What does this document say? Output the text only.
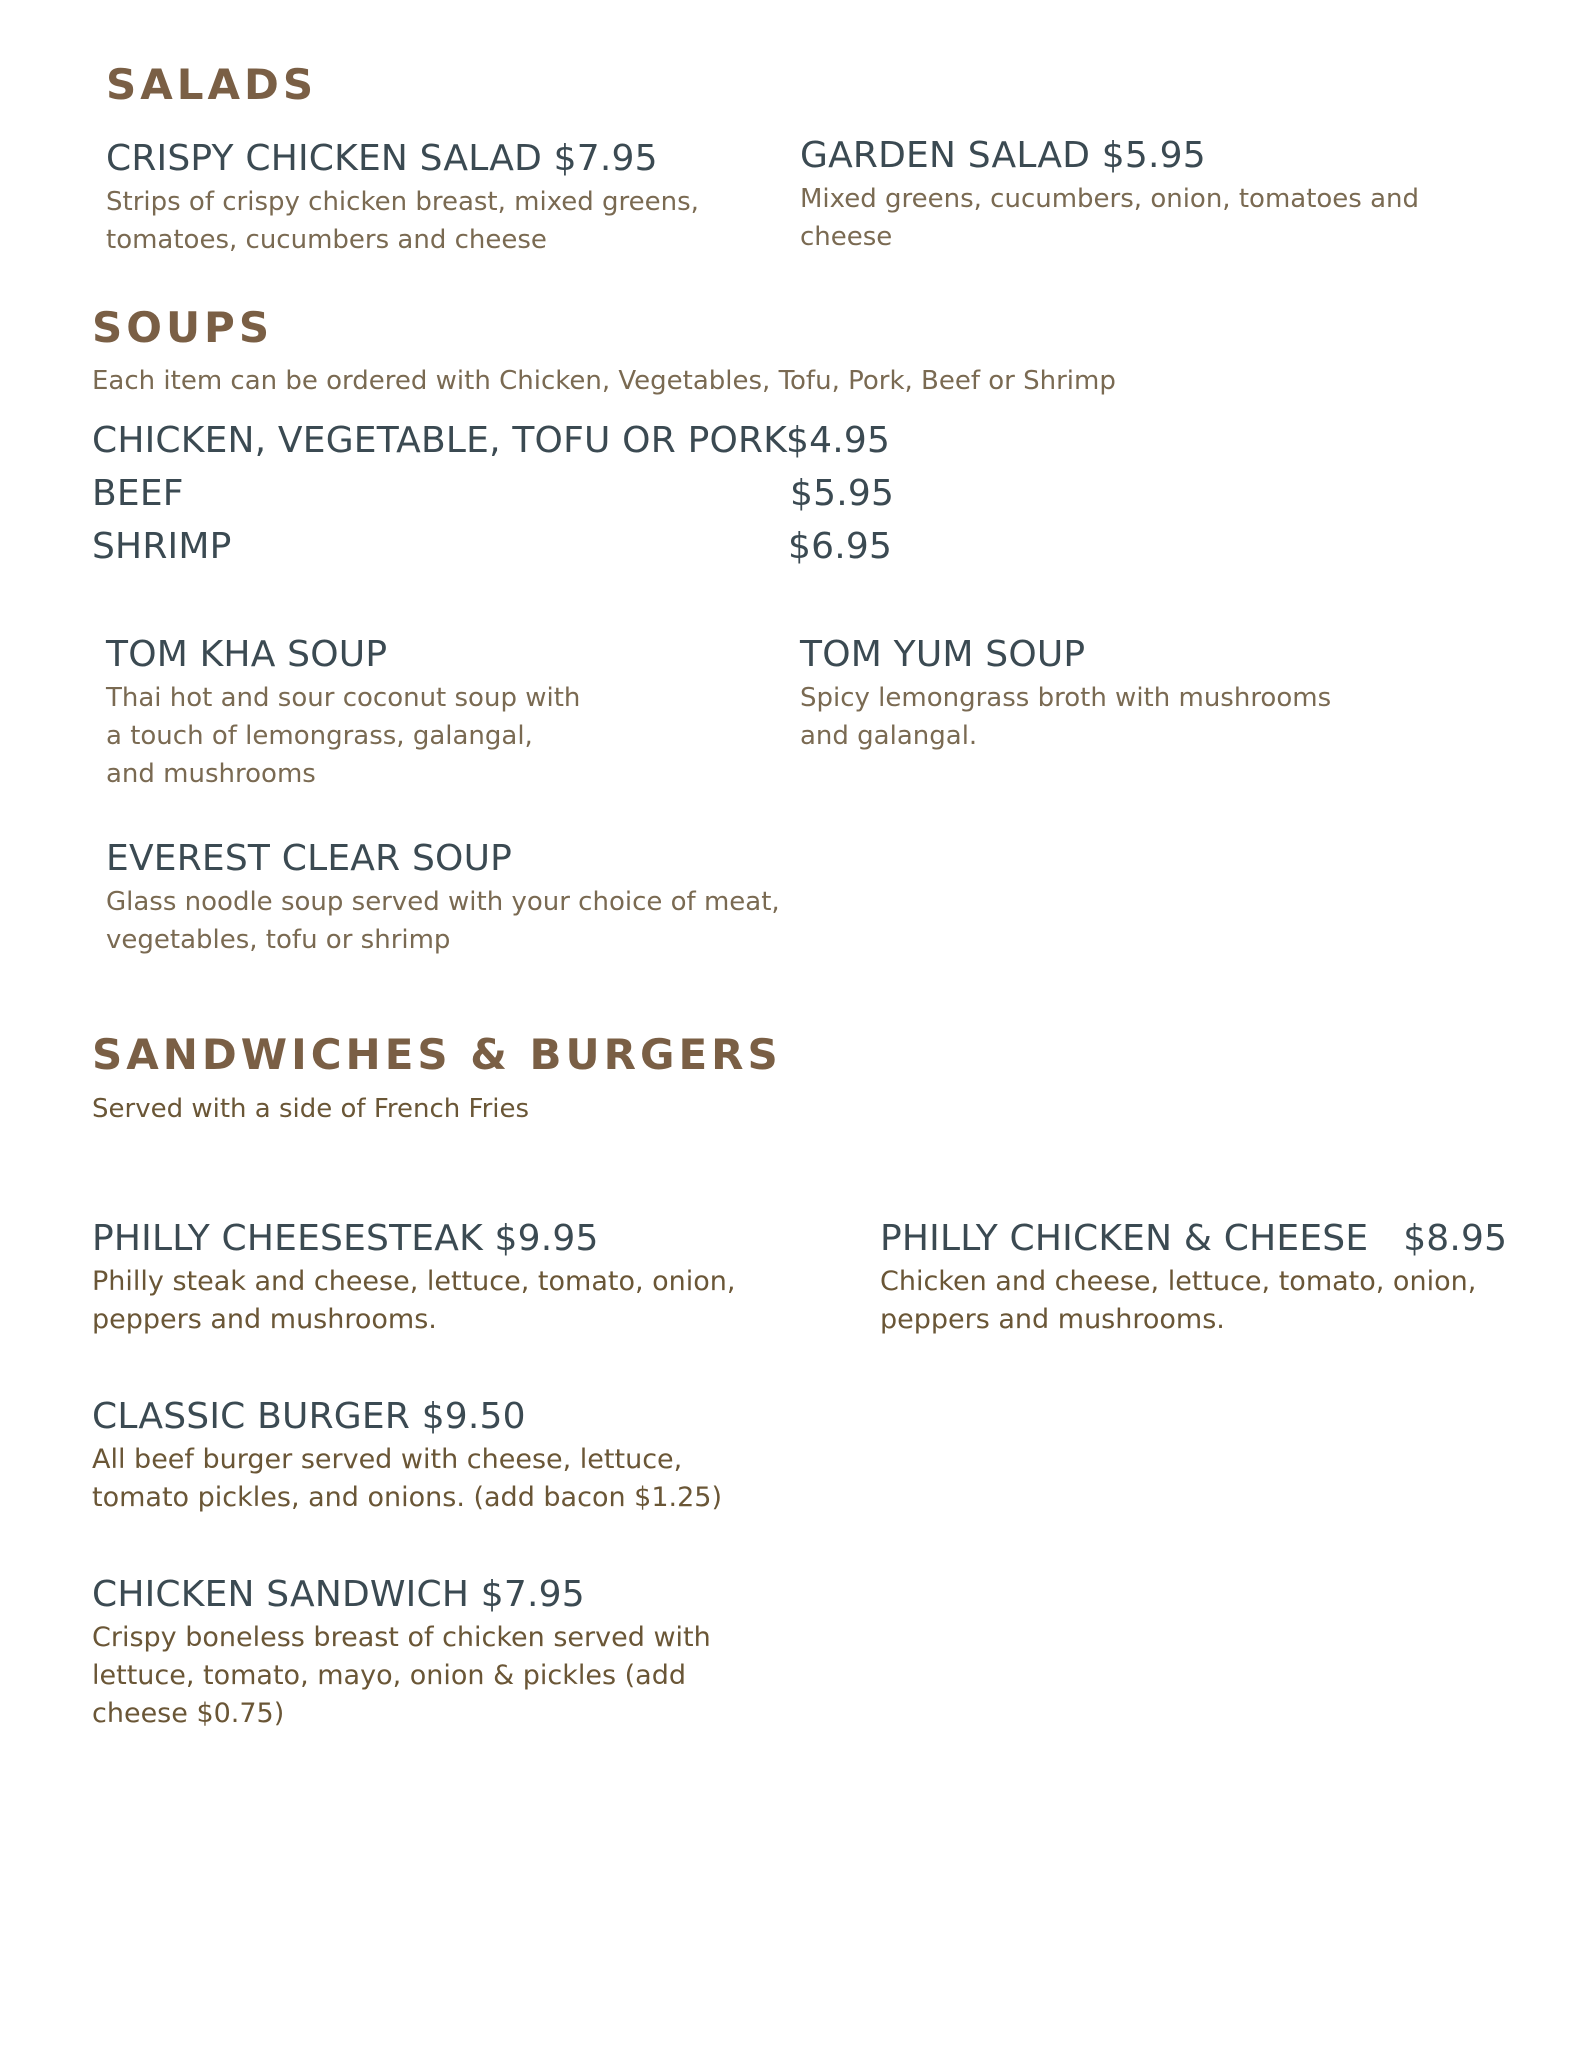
SALADS
CRISPY CHICKEN SALAD $7.95
Strips of crispy chicken breast, mixed greens,
tomatoes, cucumbers and cheese
GARDEN SALAD $5.95
Mixed greens, cucumbers, onion, tomatoes and
cheese
SOUPS
Each item can be ordered with Chicken, Vegetables, Tofu, Pork, Beef or Shrimp
CHICKEN, VEGETABLE, TOFU OR PORK
$4.95
BEEF	$5.95
SHRIMP	$6.95
TOM KHA SOUP
Thai hot and sour coconut soup with
a touch of lemongrass, galangal,
and mushrooms
TOM YUM SOUP
Spicy lemongrass broth with mushrooms
and galangal.
EVEREST CLEAR SOUP
Glass noodle soup served with your choice of meat,
vegetables, tofu or shrimp
SANDWICHES & BURGERS
Served with a side of French Fries
PHILLY CHEESESTEAK $9.95
Philly steak and cheese, lettuce, tomato, onion,
peppers and mushrooms.
PHILLY CHICKEN & CHEESE   $8.95
Chicken and cheese, lettuce, tomato, onion,
peppers and mushrooms.
CLASSIC BURGER $9.50
All beef burger served with cheese, lettuce,
tomato pickles, and onions. (add bacon $1.25)
CHICKEN SANDWICH $7.95
Crispy boneless breast of chicken served with
lettuce, tomato, mayo, onion & pickles (add
cheese $0.75)
